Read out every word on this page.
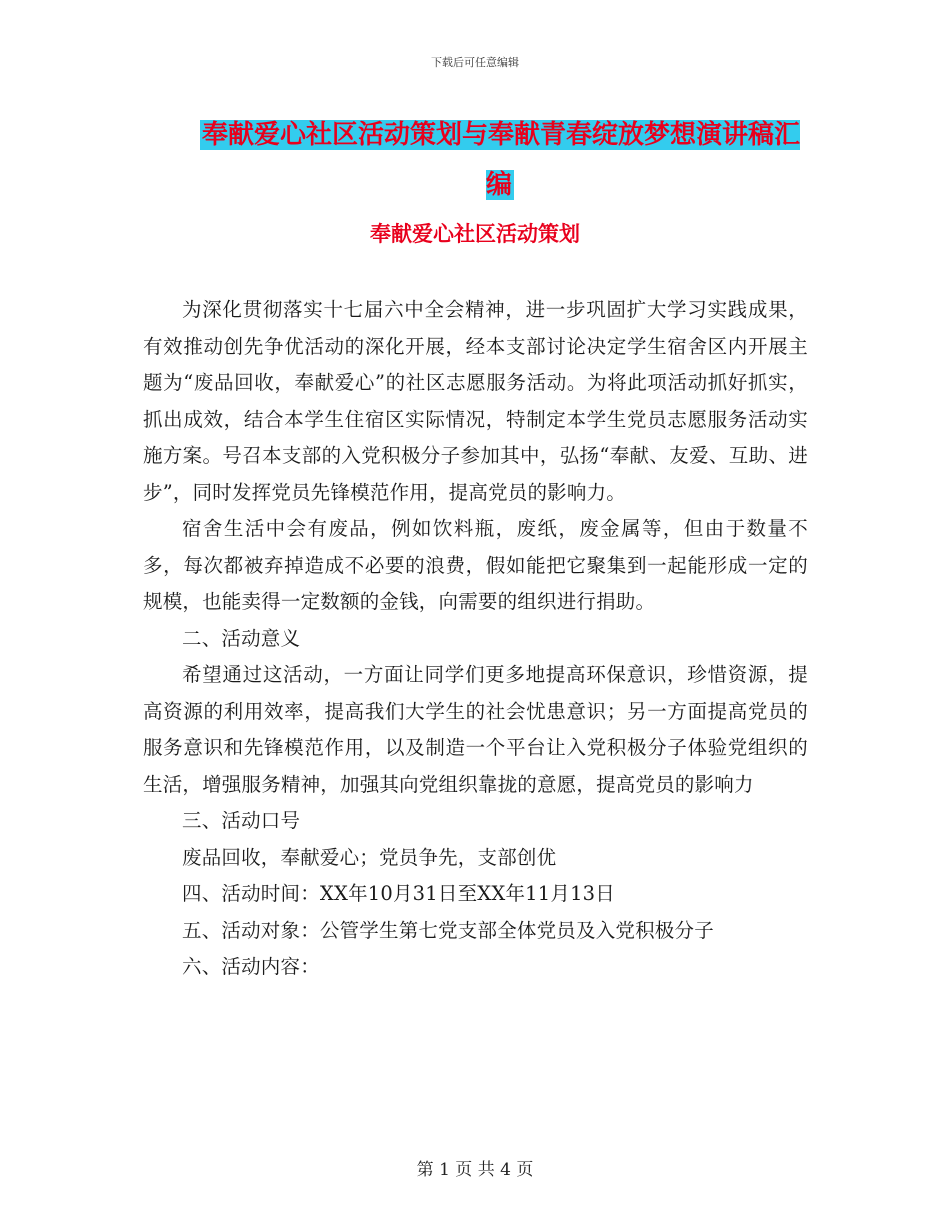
下载后可任意编辑
奉献爱心社区活动策划与奉献青春绽放梦想演讲稿汇编
奉献爱心社区活动策划

为深化贯彻落实十七届六中全会精神，进一步巩固扩大学习实践成果，有效推动创先争优活动的深化开展，经本支部讨论决定学生宿舍区内开展主题为“废品回收，奉献爱心”的社区志愿服务活动。为将此项活动抓好抓实，抓出成效，结合本学生住宿区实际情况，特制定本学生党员志愿服务活动实施方案。号召本支部的入党积极分子参加其中，弘扬“奉献、友爱、互助、进步”，同时发挥党员先锋模范作用，提高党员的影响力。

宿舍生活中会有废品，例如饮料瓶，废纸，废金属等，但由于数量不多，每次都被弃掉造成不必要的浪费，假如能把它聚集到一起能形成一定的规模，也能卖得一定数额的金钱，向需要的组织进行捐助。

二、活动意义

希望通过这活动，一方面让同学们更多地提高环保意识，珍惜资源，提高资源的利用效率，提高我们大学生的社会忧患意识；另一方面提高党员的服务意识和先锋模范作用，以及制造一个平台让入党积极分子体验党组织的生活，增强服务精神，加强其向党组织靠拢的意愿，提高党员的影响力

三、活动口号

废品回收，奉献爱心；党员争先，支部创优

四、活动时间：XX年10月31日至XX年11月13日

五、活动对象：公管学生第七党支部全体党员及入党积极分子

六、活动内容：

第 1 页 共 4 页
